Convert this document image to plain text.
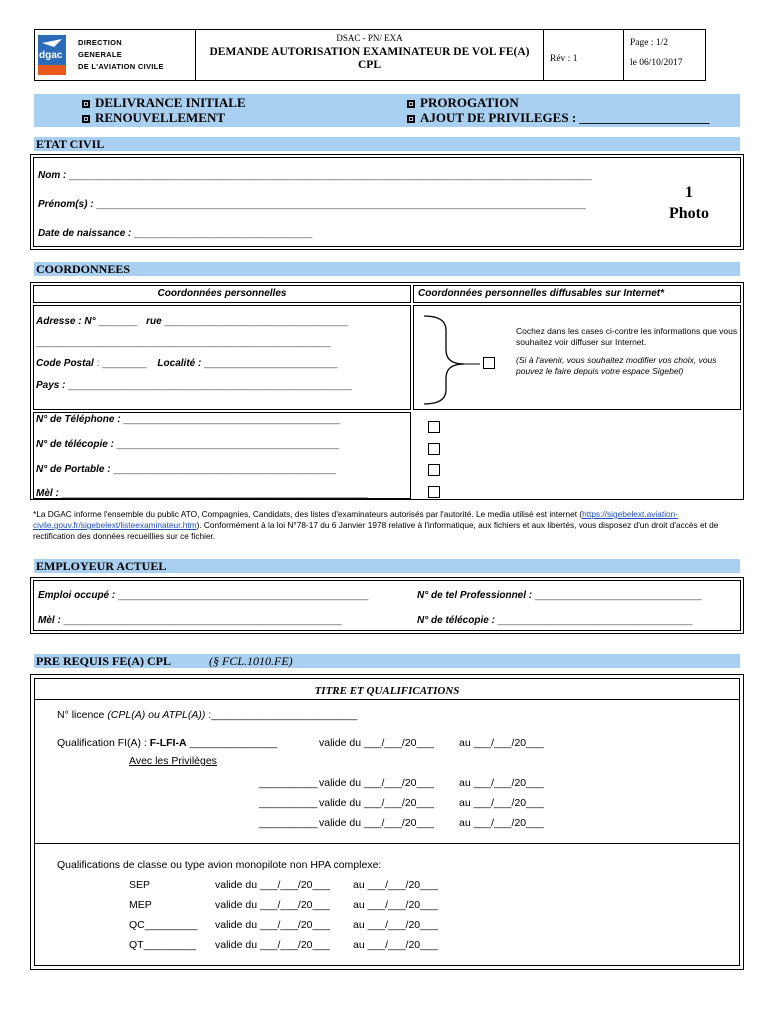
dgac
DIRECTION
GENERALE
DE L'AVIATION CIVILE
DSAC - PN/ EXA
DEMANDE AUTORISATION EXAMINATEUR DE VOL FE(A) CPL	Rév : 1
Page : 1/2
le 06/10/2017
DELIVRANCE INITIALE
RENOUVELLEMENT
PROROGATION
AJOUT DE PRIVILEGES : ____________________
ETAT CIVIL
Nom : ______________________________________________________________________________________________
Prénom(s) : ________________________________________________________________________________________
Date de naissance : ________________________________
1
Photo
COORDONNEES
Coordonnées personnelles	Coordonnées personnelles diffusables sur Internet*
Adresse : N° _______ rue _________________________________
_____________________________________________________
Code Postal : ________ Localité : ________________________
Pays : ___________________________________________________
Cochez dans les cases ci-contre les informations que vous souhaitez voir diffuser sur Internet.
(Si à l'avenir, vous souhaitez modifier vos choix, vous pouvez le faire depuis votre espace Sigebel)
N° de Téléphone : _______________________________________
N° de télécopie : ________________________________________
N° de Portable : ________________________________________
Mèl : _______________________________________________________
*La DGAC informe l'ensemble du public ATO, Compagnies, Candidats, des listes d'examinateurs autorisés par l'autorité. Le media utilisé est internet (https://sigebelext.aviation-civile.gouv.fr/sigebelext/listeexaminateur.htm). Conformément à la loi N°78-17 du 6 Janvier 1978 relative à l'informatique, aux fichiers et aux libertés, vous disposez d'un droit d'accès et de rectification des données recueillies sur ce fichier.
EMPLOYEUR ACTUEL
Emploi occupé : _____________________________________________	N° de tel Professionnel : ______________________________
Mèl : __________________________________________________	N° de télécopie : ___________________________________
PRE REQUIS FE(A) CPL	(§ FCL.1010.FE)
TITRE ET QUALIFICATIONS
N° licence (CPL(A) ou ATPL(A)) :_________________________
Qualification FI(A) : F-LFI-A _______________	valide du ___/___/20___ au ___/___/20___
Avec les Privilèges
__________ valide du ___/___/20___ au ___/___/20___
__________ valide du ___/___/20___ au ___/___/20___
__________ valide du ___/___/20___ au ___/___/20___
Qualifications de classe ou type avion monopilote non HPA complexe:
SEP	valide du ___/___/20___ au ___/___/20___
MEP	valide du ___/___/20___ au ___/___/20___
QC_________ valide du ___/___/20___ au ___/___/20___
QT_________ valide du ___/___/20___ au ___/___/20___
